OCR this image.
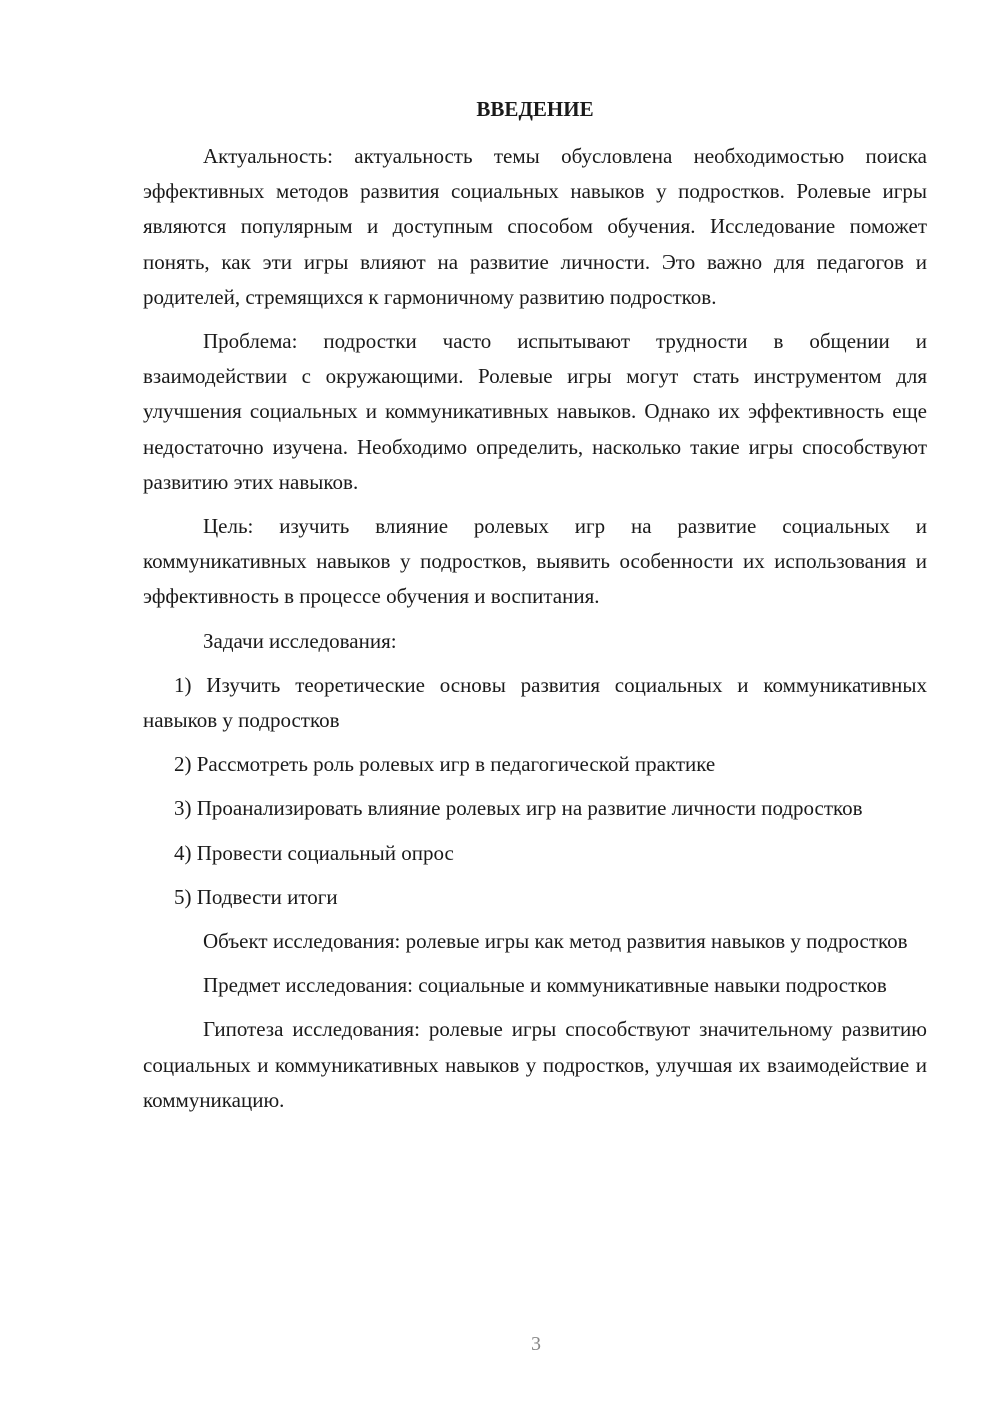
ВВЕДЕНИЕ

Актуальность: актуальность темы обусловлена необходимостью поиска эффективных методов развития социальных навыков у подростков. Ролевые игры являются популярным и доступным способом обучения. Исследование поможет понять, как эти игры влияют на развитие личности. Это важно для педагогов и родителей, стремящихся к гармоничному развитию подростков.

Проблема: подростки часто испытывают трудности в общении и взаимодействии с окружающими. Ролевые игры могут стать инструментом для улучшения социальных и коммуникативных навыков. Однако их эффективность еще недостаточно изучена. Необходимо определить, насколько такие игры способствуют развитию этих навыков.

Цель: изучить влияние ролевых игр на развитие социальных и коммуникативных навыков у подростков, выявить особенности их использования и эффективность в процессе обучения и воспитания.

Задачи исследования:

1) Изучить теоретические основы развития социальных и коммуникативных навыков у подростков

2) Рассмотреть роль ролевых игр в педагогической практике

3) Проанализировать влияние ролевых игр на развитие личности подростков

4) Провести социальный опрос

5) Подвести итоги

Объект исследования: ролевые игры как метод развития навыков у подростков

Предмет исследования: социальные и коммуникативные навыки подростков

Гипотеза исследования: ролевые игры способствуют значительному развитию социальных и коммуникативных навыков у подростков, улучшая их взаимодействие и коммуникацию.

3
